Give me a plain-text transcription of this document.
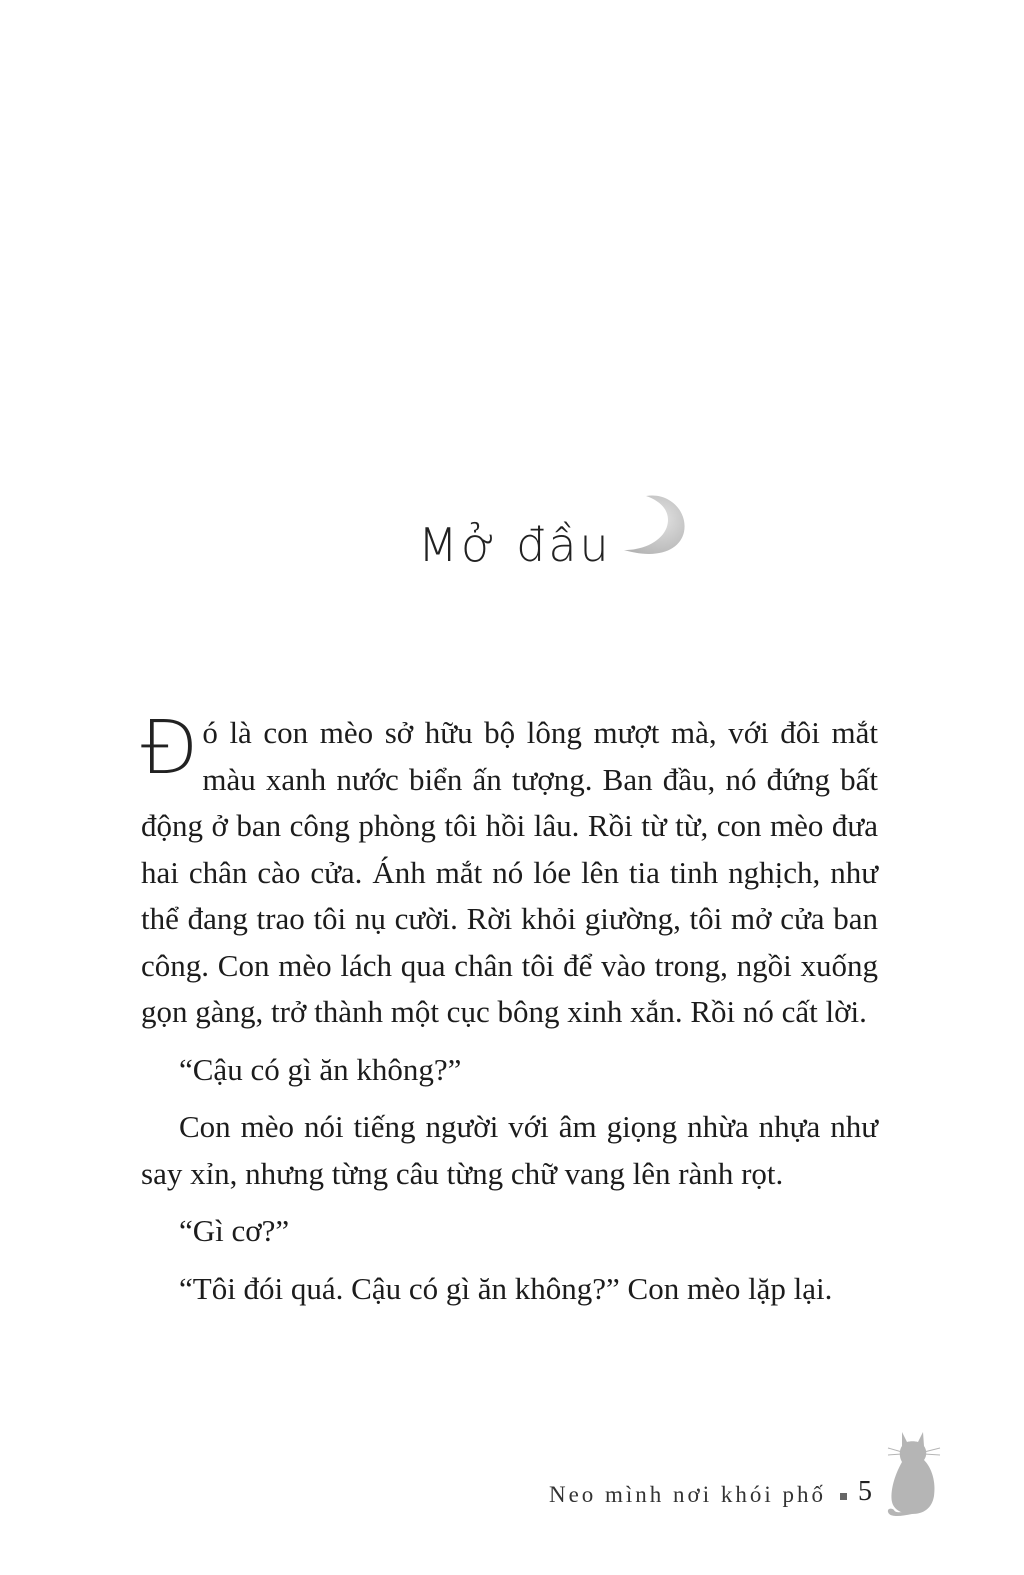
Mở đầu

Đó là con mèo sở hữu bộ lông mượt mà, với đôi mắt màu xanh nước biển ấn tượng. Ban đầu, nó đứng bất động ở ban công phòng tôi hồi lâu. Rồi từ từ, con mèo đưa hai chân cào cửa. Ánh mắt nó lóe lên tia tinh nghịch, như thể đang trao tôi nụ cười. Rời khỏi giường, tôi mở cửa ban công. Con mèo lách qua chân tôi để vào trong, ngồi xuống gọn gàng, trở thành một cục bông xinh xắn. Rồi nó cất lời.

“Cậu có gì ăn không?”

Con mèo nói tiếng người với âm giọng nhừa nhựa như say xỉn, nhưng từng câu từng chữ vang lên rành rọt.

“Gì cơ?”

“Tôi đói quá. Cậu có gì ăn không?” Con mèo lặp lại.

Neo mình nơi khói phố 5
